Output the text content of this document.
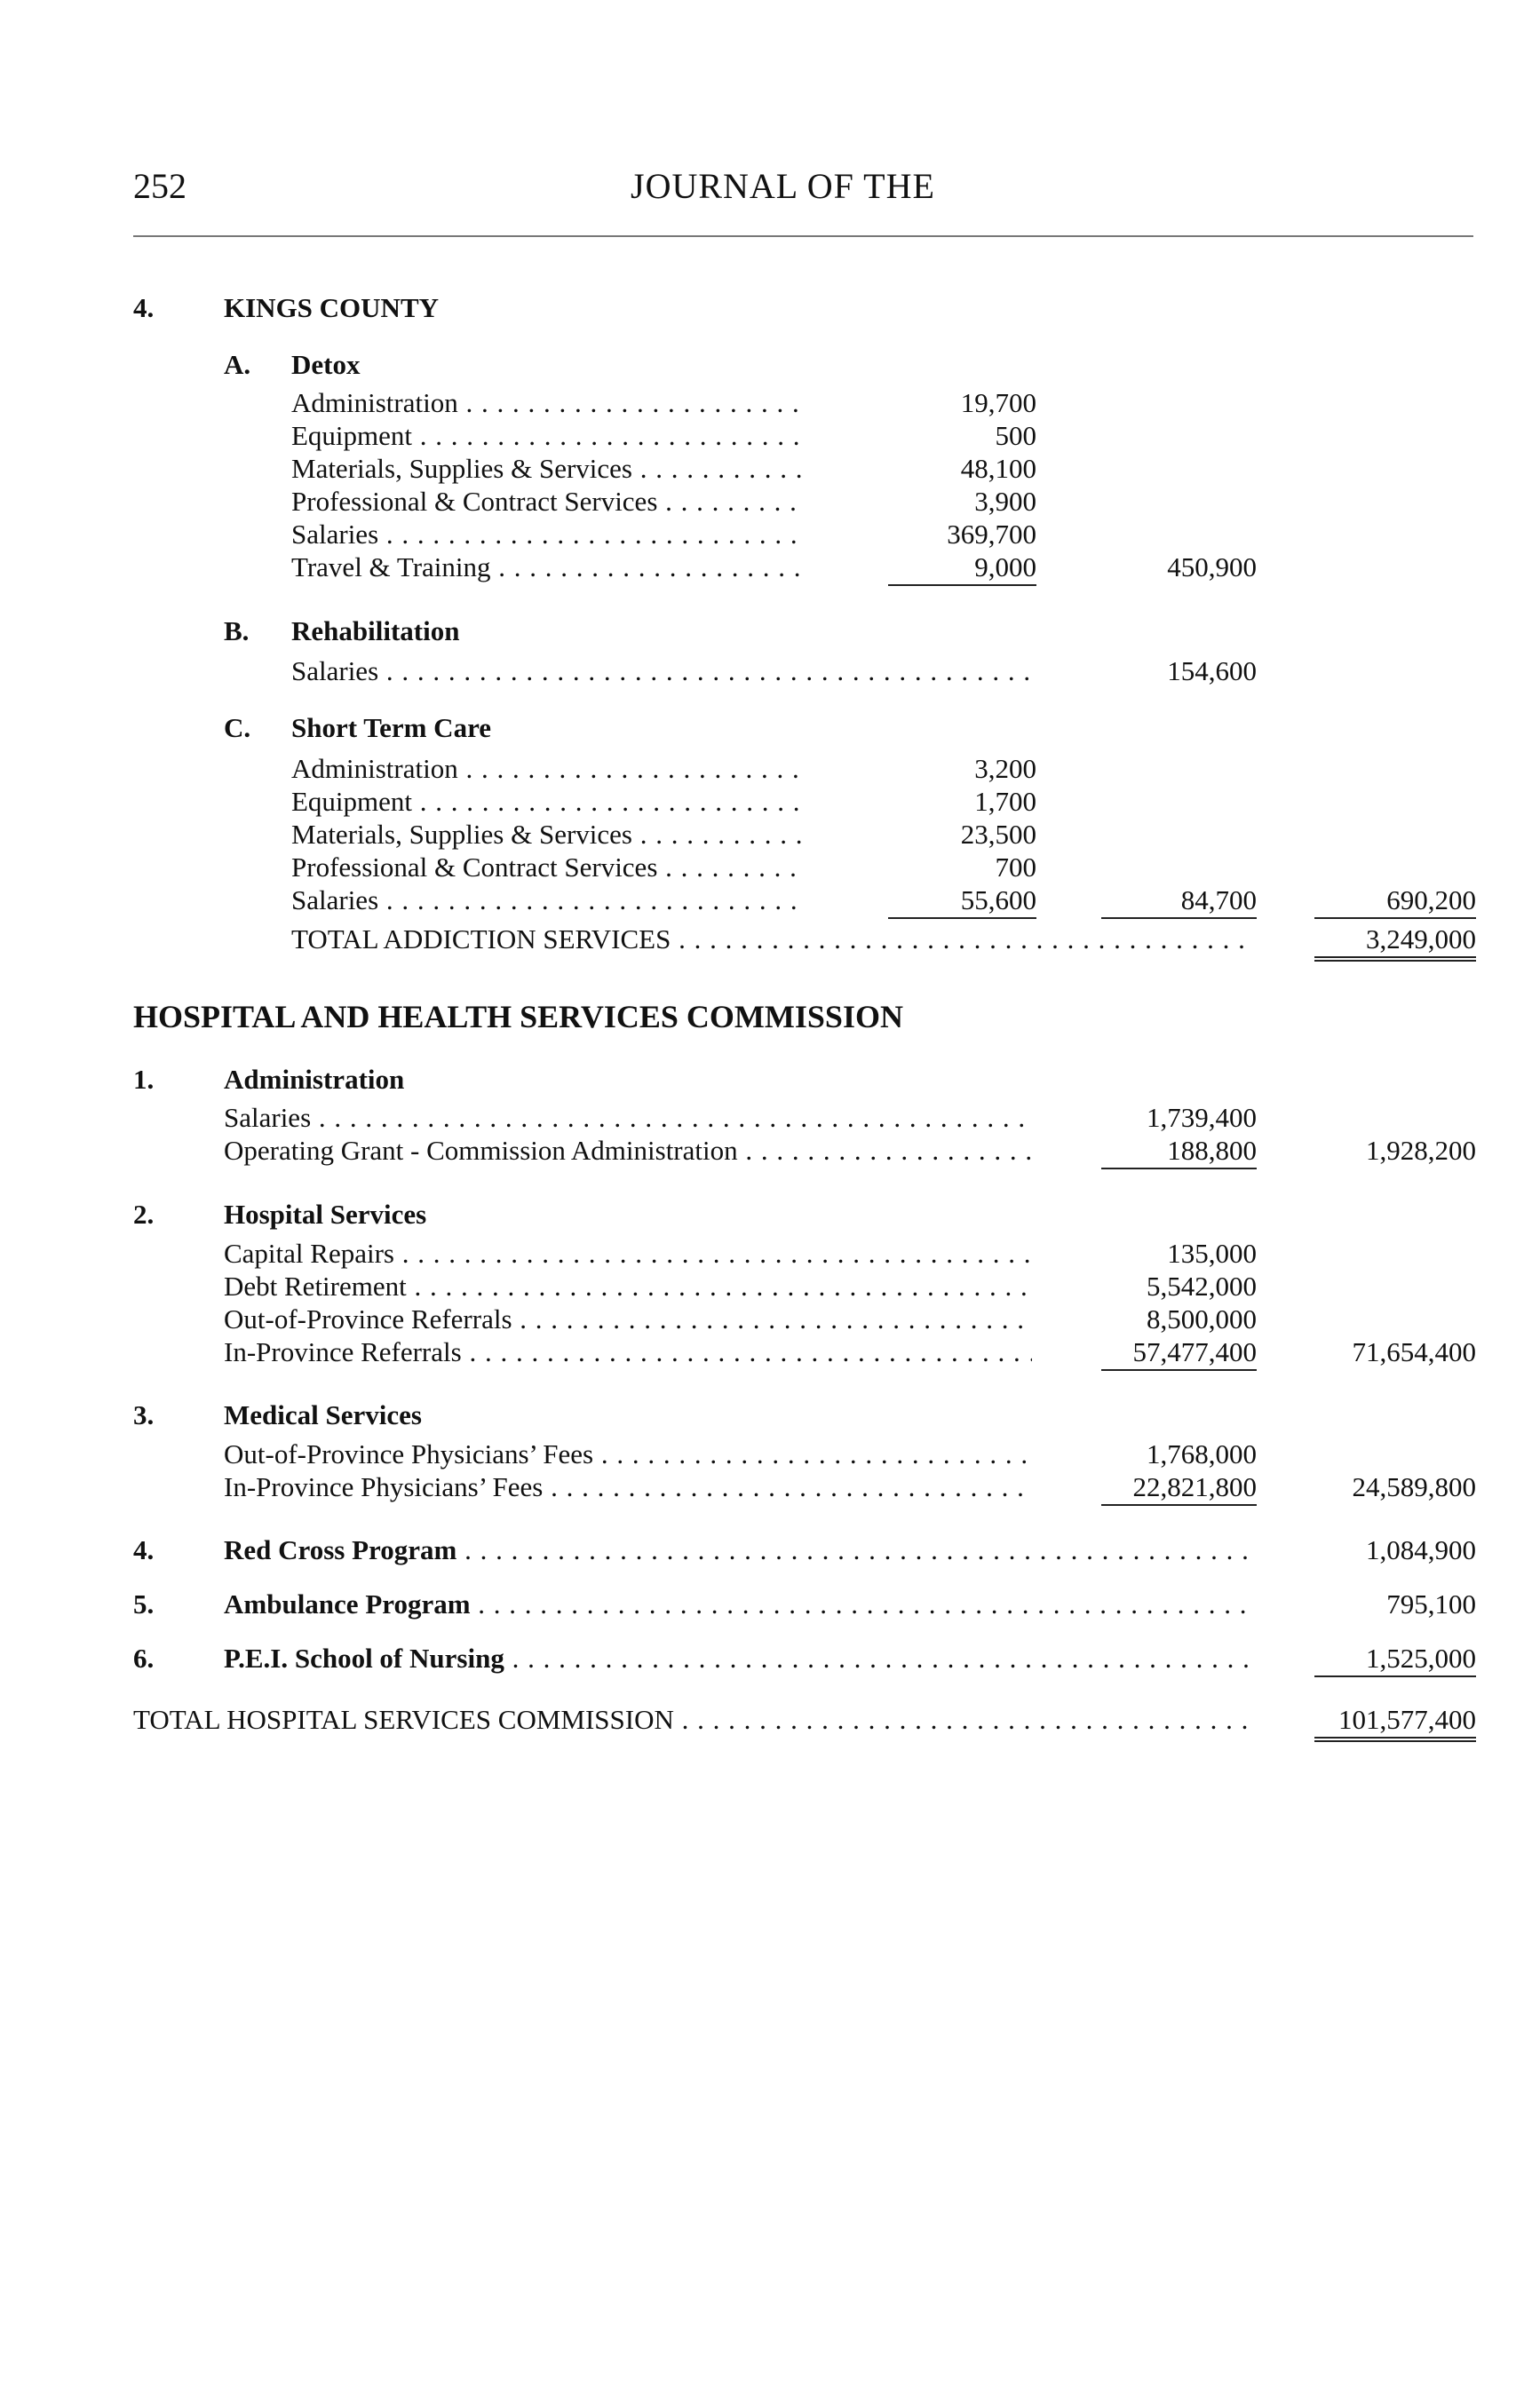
252	JOURNAL OF THE
4.	KINGS COUNTY
A. Detox
Administration . . .	19,700
Equipment . . .	500
Materials, Supplies & Services . . .	48,100
Professional & Contract Services . . .	3,900
Salaries . . .	369,700
Travel & Training . . .	9,000	450,900
B. Rehabilitation
Salaries . . .	154,600
C. Short Term Care
Administration . . .	3,200
Equipment . . .	1,700
Materials, Supplies & Services . . .	23,500
Professional & Contract Services . . .	700
Salaries . . .	55,600	84,700	690,200
TOTAL ADDICTION SERVICES . . .	3,249,000
HOSPITAL AND HEALTH SERVICES COMMISSION
1.	Administration
Salaries . . .	1,739,400
Operating Grant - Commission Administration . . .	188,800	1,928,200
2.	Hospital Services
Capital Repairs . . .	135,000
Debt Retirement . . .	5,542,000
Out-of-Province Referrals . . .	8,500,000
In-Province Referrals . . .	57,477,400	71,654,400
3.	Medical Services
Out-of-Province Physicians’ Fees . . .	1,768,000
In-Province Physicians’ Fees . . .	22,821,800	24,589,800
4.	Red Cross Program . . .	1,084,900
5.	Ambulance Program . . .	795,100
6.	P.E.I. School of Nursing . . .	1,525,000
TOTAL HOSPITAL SERVICES COMMISSION . . .	101,577,400
